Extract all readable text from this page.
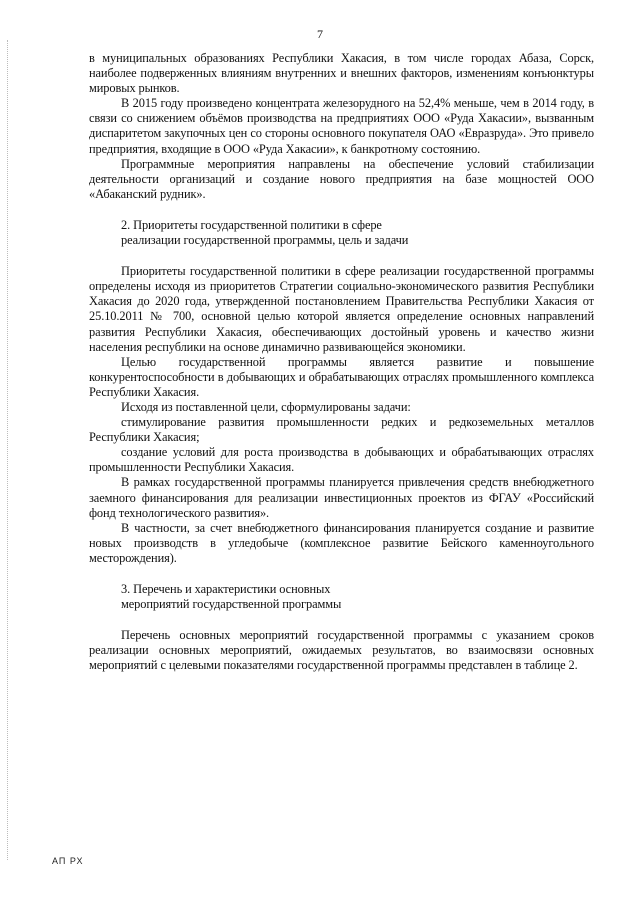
7

в муниципальных образованиях Республики Хакасия, в том числе городах Абаза, Сорск, наиболее подверженных влияниям внутренних и внешних факторов, изменениям конъюнктуры мировых рынков.

В 2015 году произведено концентрата железорудного на 52,4% меньше, чем в 2014 году, в связи со снижением объёмов производства на предприятиях ООО «Руда Хакасии», вызванным диспаритетом закупочных цен со стороны основного покупателя ОАО «Евразруда». Это привело предприятия, входящие в ООО «Руда Хакасии», к банкротному состоянию.

Программные мероприятия направлены на обеспечение условий стабилизации деятельности организаций и создание нового предприятия на базе мощностей ООО «Абаканский рудник».

2. Приоритеты государственной политики в сфере

реализации государственной программы, цель и задачи

Приоритеты государственной политики в сфере реализации государственной программы определены исходя из приоритетов Стратегии социально-экономического развития Республики Хакасия до 2020 года, утвержденной постановлением Правительства Республики Хакасия от 25.10.2011 № 700, основной целью которой является определение основных направлений развития Республики Хакасия, обеспечивающих достойный уровень и качество жизни населения республики на основе динамично развивающейся экономики.

Целью государственной программы является развитие и повышение конкурентоспособности в добывающих и обрабатывающих отраслях промышленного комплекса Республики Хакасия.

Исходя из поставленной цели, сформулированы задачи:

стимулирование развития промышленности редких и редкоземельных металлов Республики Хакасия;

создание условий для роста производства в добывающих и обрабатывающих отраслях промышленности Республики Хакасия.

В рамках государственной программы планируется привлечения средств внебюджетного заемного финансирования для реализации инвестиционных проектов из ФГАУ «Российский фонд технологического развития».

В частности, за счет внебюджетного финансирования планируется создание и развитие новых производств в угледобыче (комплексное развитие Бейского каменноугольного месторождения).

3. Перечень и характеристики основных

мероприятий государственной программы

Перечень основных мероприятий государственной программы с указанием сроков реализации основных мероприятий, ожидаемых результатов, во взаимосвязи основных мероприятий с целевыми показателями государственной программы представлен в таблице 2.

АП РХ
